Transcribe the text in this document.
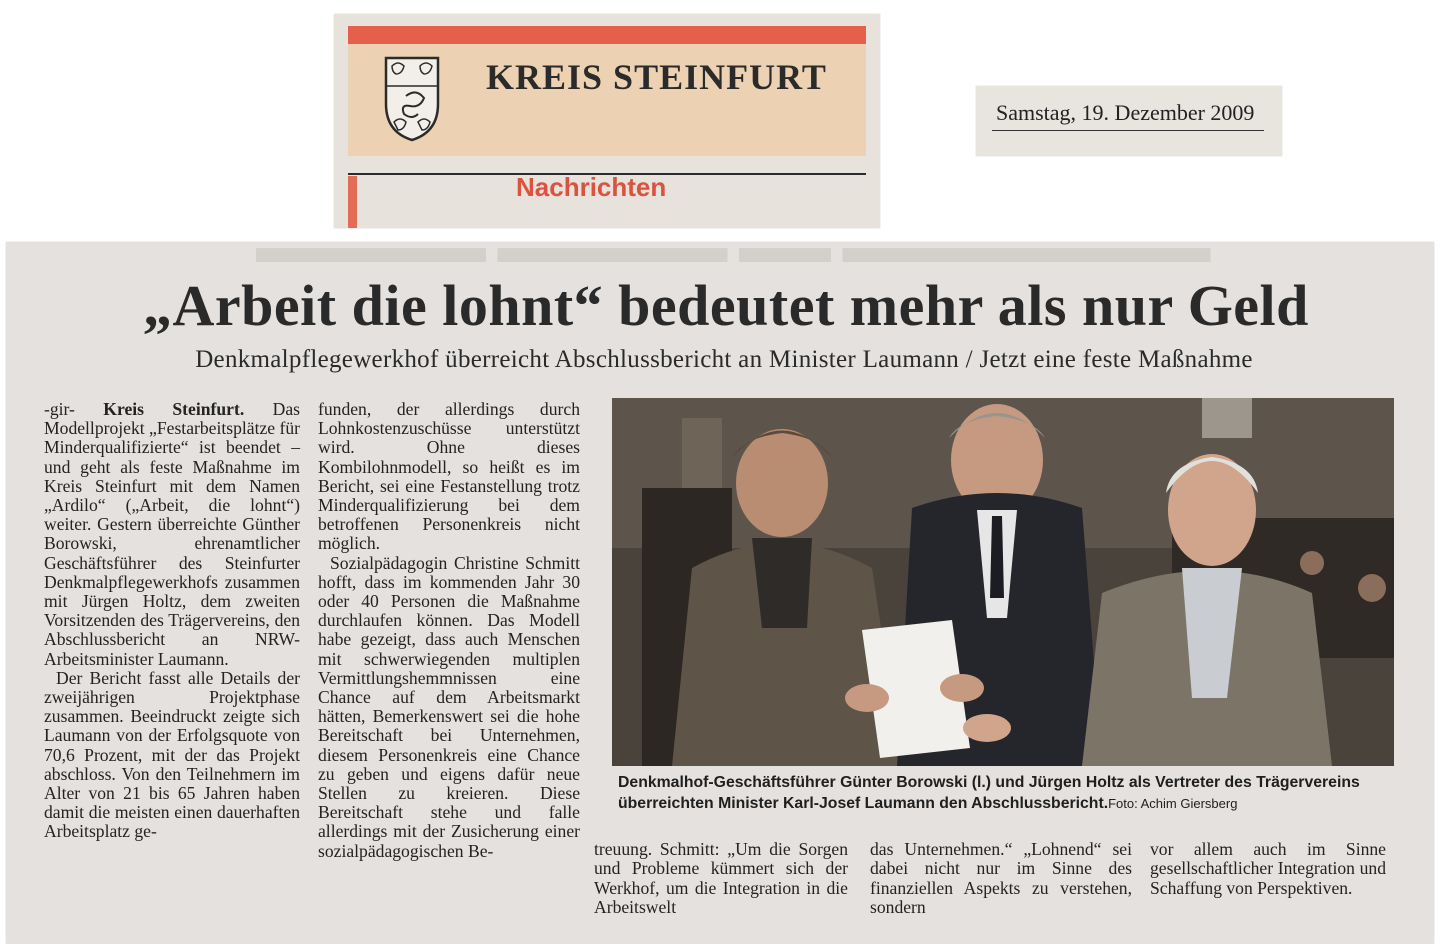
KREIS STEINFURT
Nachrichten
Samstag, 19. Dezember 2009
▬▬▬▬▬ ▬▬▬▬▬ ▬▬ ▬▬▬▬▬▬▬▬
„Arbeit die lohnt“ bedeutet mehr als nur Geld
Denkmalpflegewerkhof überreicht Abschlussbericht an Minister Laumann / Jetzt eine feste Maßnahme

-gir- Kreis Steinfurt. Das Modellprojekt „Festarbeitsplätze für Minderqualifizierte“ ist beendet – und geht als feste Maßnahme im Kreis Steinfurt mit dem Namen „Ardilo“ („Arbeit, die lohnt“) weiter. Gestern überreichte Günther Borowski, ehrenamtlicher Geschäftsführer des Steinfurter Denkmalpflegewerkhofs zusammen mit Jürgen Holtz, dem zweiten Vorsitzenden des Trägervereins, den Abschlussbericht an NRW-Arbeitsminister Laumann.

Der Bericht fasst alle Details der zweijährigen Projektphase zusammen. Beeindruckt zeigte sich Laumann von der Erfolgsquote von 70,6 Prozent, mit der das Projekt abschloss. Von den Teilnehmern im Alter von 21 bis 65 Jahren haben damit die meisten einen dauerhaften Arbeitsplatz ge-

funden, der allerdings durch Lohnkostenzuschüsse unterstützt wird. Ohne dieses Kombilohnmodell, so heißt es im Bericht, sei eine Festanstellung trotz Minderqualifizierung bei dem betroffenen Personenkreis nicht möglich.

Sozialpädagogin Christine Schmitt hofft, dass im kommenden Jahr 30 oder 40 Personen die Maßnahme durchlaufen können. Das Modell habe gezeigt, dass auch Menschen mit schwerwiegenden multiplen Vermittlungshemmnissen eine Chance auf dem Arbeitsmarkt hätten, Bemerkenswert sei die hohe Bereitschaft bei Unternehmen, diesem Personenkreis eine Chance zu geben und eigens dafür neue Stellen zu kreieren. Diese Bereitschaft stehe und falle allerdings mit der Zusicherung einer sozialpädagogischen Be-

Denkmalhof-Geschäftsführer Günter Borowski (l.) und Jürgen Holtz als Vertreter des Trägervereins überreichten Minister Karl-Josef Laumann den Abschlussbericht.Foto: Achim Giersberg
treuung. Schmitt: „Um die Sorgen und Probleme kümmert sich der Werkhof, um die Integration in die Arbeitswelt
das Unternehmen.“ „Lohnend“ sei dabei nicht nur im Sinne des finanziellen Aspekts zu verstehen, sondern
vor allem auch im Sinne gesellschaftlicher Integration und Schaffung von Perspektiven.
